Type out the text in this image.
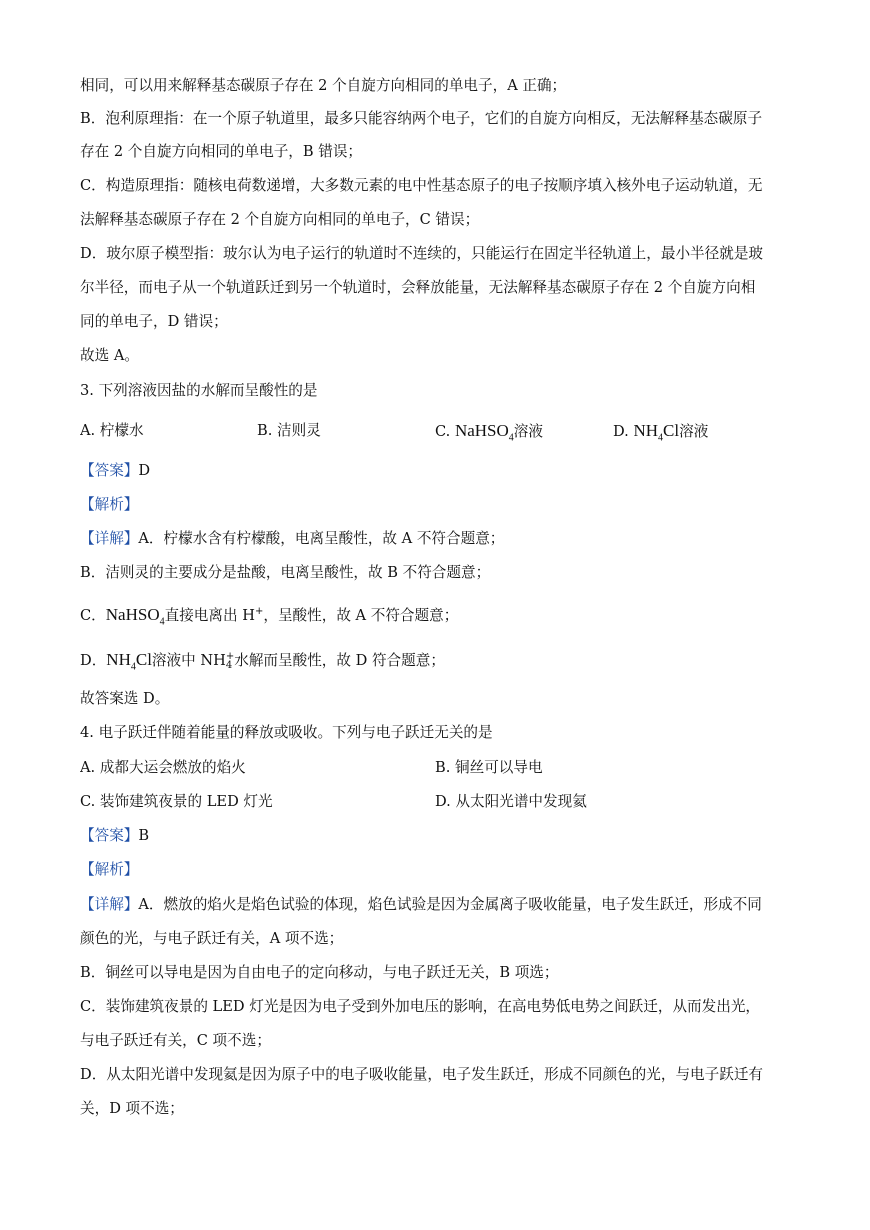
相同，可以用来解释基态碳原子存在 2 个自旋方向相同的单电子，A 正确；
B．泡利原理指：在一个原子轨道里，最多只能容纳两个电子，它们的自旋方向相反，无法解释基态碳原子
存在 2 个自旋方向相同的单电子，B 错误；
C．构造原理指：随核电荷数递增，大多数元素的电中性基态原子的电子按顺序填入核外电子运动轨道，无
法解释基态碳原子存在 2 个自旋方向相同的单电子，C 错误；
D．玻尔原子模型指：玻尔认为电子运行的轨道时不连续的，只能运行在固定半径轨道上，最小半径就是玻
尔半径，而电子从一个轨道跃迁到另一个轨道时，会释放能量，无法解释基态碳原子存在 2 个自旋方向相
同的单电子，D 错误；
故选 A。
3. 下列溶液因盐的水解而呈酸性的是
A. 柠檬水	B. 洁则灵	C. NaHSO$_4$溶液	D. $NH_4Cl$溶液
【答案】D
【解析】
【详解】A．柠檬水含有柠檬酸，电离呈酸性，故 A 不符合题意；
B．洁则灵的主要成分是盐酸，电离呈酸性，故 B 不符合题意；
C．NaHSO$_4$直接电离出 H+，呈酸性，故 A 不符合题意；
D．$NH_4Cl$溶液中 NH +
4 水解而呈酸性，故 D 符合题意；
故答案选 D。
4. 电子跃迁伴随着能量的释放或吸收。下列与电子跃迁无关的是
A. 成都大运会燃放的焰火	B. 铜丝可以导电
C. 装饰建筑夜景的 LED 灯光	D. 从太阳光谱中发现氦
【答案】B
【解析】
【详解】A．燃放的焰火是焰色试验的体现，焰色试验是因为金属离子吸收能量，电子发生跃迁，形成不同
颜色的光，与电子跃迁有关，A 项不选；
B．铜丝可以导电是因为自由电子的定向移动，与电子跃迁无关，B 项选；
C．装饰建筑夜景的 LED 灯光是因为电子受到外加电压的影响，在高电势低电势之间跃迁，从而发出光，
与电子跃迁有关，C 项不选；
D．从太阳光谱中发现氦是因为原子中的电子吸收能量，电子发生跃迁，形成不同颜色的光，与电子跃迁有
关，D 项不选；
